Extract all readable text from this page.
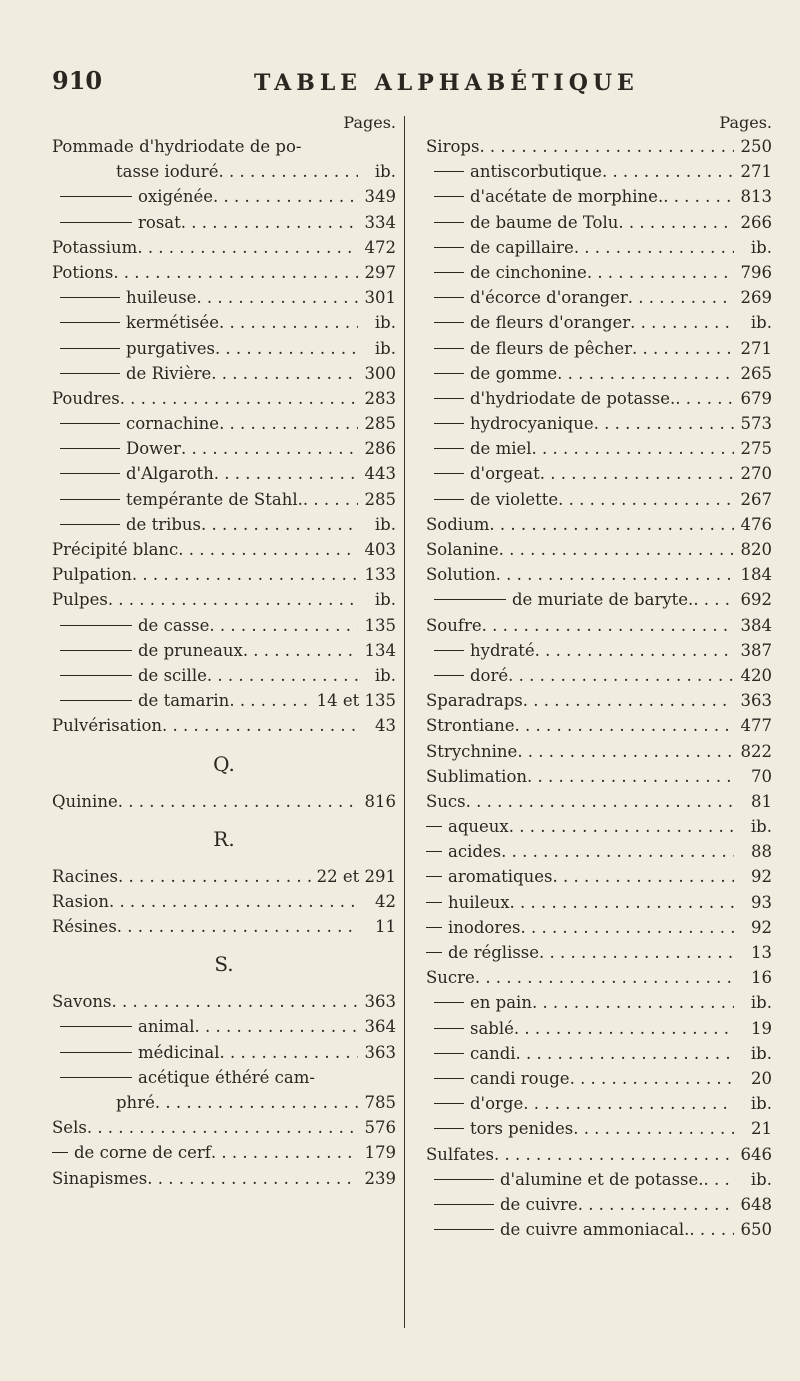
910	TABLE ALPHABÉTIQUE
Pages.
Pommade d'hydriodate de po-
tasse ioduré . . .	ib.
oxigénée . . .	349
rosat . . .	334
Potassium . . .	472
Potions . . .	297
huileuse . . .	301
kermétisée . . .	ib.
purgatives . . .	ib.
de Rivière . . .	300
Poudres . . .	283
cornachine . . .	285
Dower . . .	286
d'Algaroth . . .	443
tempérante de Stahl. . . .	285
de tribus . . .	ib.
Précipité blanc . . .	403
Pulpation . . .	133
Pulpes . . .	ib.
de casse . . .	135
de pruneaux . . .	134
de scille . . .	ib.
de tamarin . . .	14 et 135
Pulvérisation . . .	43
Q.
Quinine . . .	816
R.
Racines . . .	22 et 291
Rasion . . .	42
Résines . . .	11
S.
Savons . . .	363
animal . . .	364
médicinal . . .	363
acétique éthéré cam-
phré . . .	785
Sels . . .	576
de corne de cerf . . .	179
Sinapismes . . .	239
Pages.
Sirops . . .	250
antiscorbutique . . .	271
d'acétate de morphine. . . .	813
de baume de Tolu . . .	266
de capillaire . . .	ib.
de cinchonine . . .	796
d'écorce d'oranger . . .	269
de fleurs d'oranger . . .	ib.
de fleurs de pêcher . . .	271
de gomme . . .	265
d'hydriodate de potasse. . . .	679
hydrocyanique . . .	573
de miel . . .	275
d'orgeat . . .	270
de violette . . .	267
Sodium . . .	476
Solanine . . .	820
Solution . . .	184
de muriate de baryte. . . .	692
Soufre . . .	384
hydraté . . .	387
doré . . .	420
Sparadraps . . .	363
Strontiane . . .	477
Strychnine . . .	822
Sublimation . . .	70
Sucs . . .	81
aqueux . . .	ib.
acides . . .	88
aromatiques . . .	92
huileux . . .	93
inodores . . .	92
de réglisse . . .	13
Sucre . . .	16
en pain . . .	ib.
sablé . . .	19
candi . . .	ib.
candi rouge . . .	20
d'orge . . .	ib.
tors penides . . .	21
Sulfates . . .	646
d'alumine et de potasse. . . .	ib.
de cuivre . . .	648
de cuivre ammoniacal. . . .	650
